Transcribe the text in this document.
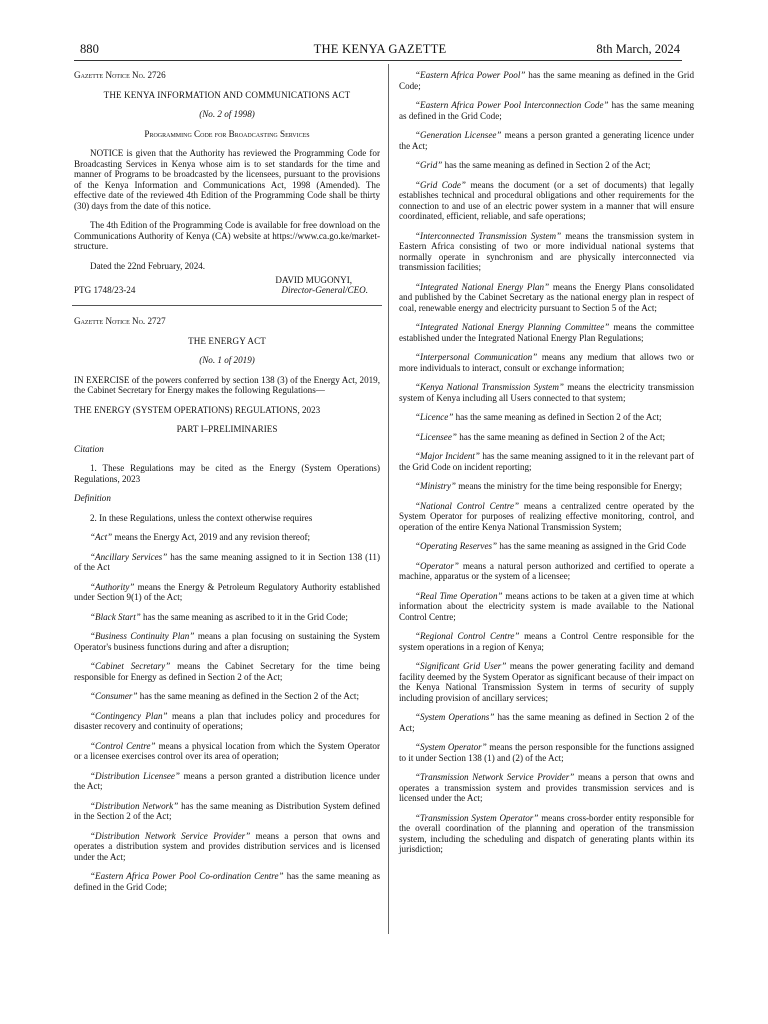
880	THE KENYA GAZETTE	8th March, 2024

Gazette Notice No. 2726

THE KENYA INFORMATION AND COMMUNICATIONS ACT

(No. 2 of 1998)

Programming Code for Broadcasting Services

NOTICE is given that the Authority has reviewed the Programming Code for Broadcasting Services in Kenya whose aim is to set standards for the time and manner of Programs to be broadcasted by the licensees, pursuant to the provisions of the Kenya Information and Communications Act, 1998 (Amended). The effective date of the reviewed 4th Edition of the Programming Code shall be thirty (30) days from the date of this notice.

The 4th Edition of the Programming Code is available for free download on the Communications Authority of Kenya (CA) website at https://www.ca.go.ke/market-structure.

Dated the 22nd February, 2024.

DAVID MUGONYI,
Director-General/CEO.
PTG 1748/23-24

Gazette Notice No. 2727

THE ENERGY ACT

(No. 1 of 2019)

IN EXERCISE of the powers conferred by section 138 (3) of the Energy Act, 2019, the Cabinet Secretary for Energy makes the following Regulations—

THE ENERGY (SYSTEM OPERATIONS) REGULATIONS, 2023

PART I–PRELIMINARIES

Citation

1. These Regulations may be cited as the Energy (System Operations) Regulations, 2023

Definition

2. In these Regulations, unless the context otherwise requires

“Act” means the Energy Act, 2019 and any revision thereof;

“Ancillary Services” has the same meaning assigned to it in Section 138 (11) of the Act

“Authority” means the Energy & Petroleum Regulatory Authority established under Section 9(1) of the Act;

“Black Start” has the same meaning as ascribed to it in the Grid Code;

“Business Continuity Plan” means a plan focusing on sustaining the System Operator's business functions during and after a disruption;

“Cabinet Secretary” means the Cabinet Secretary for the time being responsible for Energy as defined in Section 2 of the Act;

“Consumer” has the same meaning as defined in the Section 2 of the Act;

“Contingency Plan” means a plan that includes policy and procedures for disaster recovery and continuity of operations;

“Control Centre” means a physical location from which the System Operator or a licensee exercises control over its area of operation;

“Distribution Licensee” means a person granted a distribution licence under the Act;

“Distribution Network” has the same meaning as Distribution System defined in the Section 2 of the Act;

“Distribution Network Service Provider” means a person that owns and operates a distribution system and provides distribution services and is licensed under the Act;

“Eastern Africa Power Pool Co-ordination Centre” has the same meaning as defined in the Grid Code;

“Eastern Africa Power Pool” has the same meaning as defined in the Grid Code;

“Eastern Africa Power Pool Interconnection Code” has the same meaning as defined in the Grid Code;

“Generation Licensee” means a person granted a generating licence under the Act;

“Grid” has the same meaning as defined in Section 2 of the Act;

“Grid Code” means the document (or a set of documents) that legally establishes technical and procedural obligations and other requirements for the connection to and use of an electric power system in a manner that will ensure coordinated, efficient, reliable, and safe operations;

“Interconnected Transmission System” means the transmission system in Eastern Africa consisting of two or more individual national systems that normally operate in synchronism and are physically interconnected via transmission facilities;

“Integrated National Energy Plan” means the Energy Plans consolidated and published by the Cabinet Secretary as the national energy plan in respect of coal, renewable energy and electricity pursuant to Section 5 of the Act;

“Integrated National Energy Planning Committee” means the committee established under the Integrated National Energy Plan Regulations;

“Interpersonal Communication” means any medium that allows two or more individuals to interact, consult or exchange information;

“Kenya National Transmission System” means the electricity transmission system of Kenya including all Users connected to that system;

“Licence” has the same meaning as defined in Section 2 of the Act;

“Licensee” has the same meaning as defined in Section 2 of the Act;

“Major Incident” has the same meaning assigned to it in the relevant part of the Grid Code on incident reporting;

“Ministry” means the ministry for the time being responsible for Energy;

“National Control Centre” means a centralized centre operated by the System Operator for purposes of realizing effective monitoring, control, and operation of the entire Kenya National Transmission System;

“Operating Reserves” has the same meaning as assigned in the Grid Code

“Operator” means a natural person authorized and certified to operate a machine, apparatus or the system of a licensee;

“Real Time Operation” means actions to be taken at a given time at which information about the electricity system is made available to the National Control Centre;

“Regional Control Centre” means a Control Centre responsible for the system operations in a region of Kenya;

“Significant Grid User” means the power generating facility and demand facility deemed by the System Operator as significant because of their impact on the Kenya National Transmission System in terms of security of supply including provision of ancillary services;

“System Operations” has the same meaning as defined in Section 2 of the Act;

“System Operator” means the person responsible for the functions assigned to it under Section 138 (1) and (2) of the Act;

“Transmission Network Service Provider” means a person that owns and operates a transmission system and provides transmission services and is licensed under the Act;

“Transmission System Operator” means cross-border entity responsible for the overall coordination of the planning and operation of the transmission system, including the scheduling and dispatch of generating plants within its jurisdiction;
